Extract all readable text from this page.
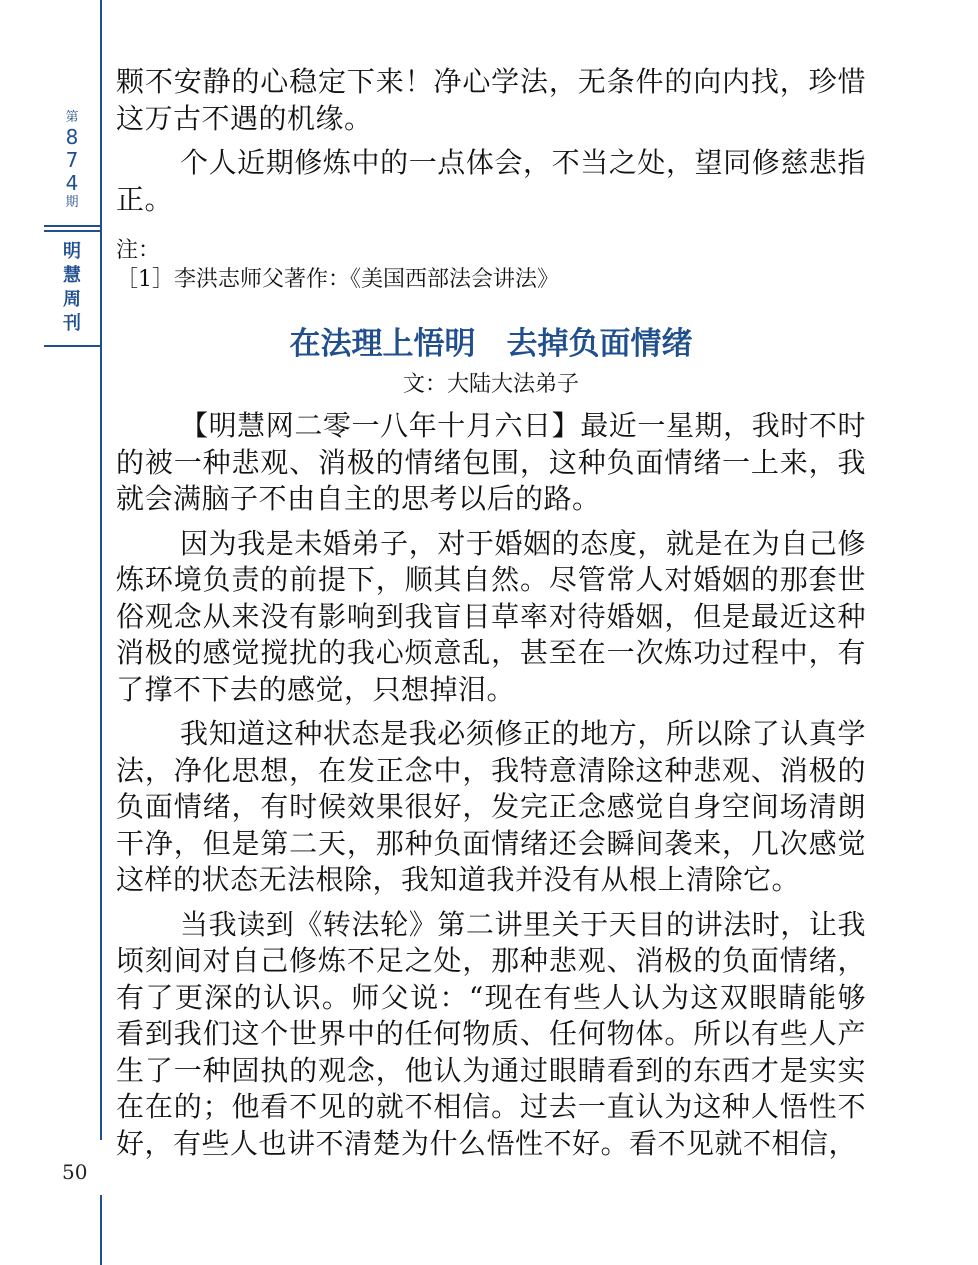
第
8
7
4
期
明
慧
周
刊
50

颗不安静的心稳定下来！净心学法，无条件的向内找，珍惜这万古不遇的机缘。

个人近期修炼中的一点体会，不当之处，望同修慈悲指正。

注：
［1］李洪志师父著作：《美国西部法会讲法》
在法理上悟明　去掉负面情绪
文：大陆大法弟子

【明慧网二零一八年十月六日】最近一星期，我时不时的被一种悲观、消极的情绪包围，这种负面情绪一上来，我就会满脑子不由自主的思考以后的路。

因为我是未婚弟子，对于婚姻的态度，就是在为自己修炼环境负责的前提下，顺其自然。尽管常人对婚姻的那套世俗观念从来没有影响到我盲目草率对待婚姻，但是最近这种消极的感觉搅扰的我心烦意乱，甚至在一次炼功过程中，有了撑不下去的感觉，只想掉泪。

我知道这种状态是我必须修正的地方，所以除了认真学法，净化思想，在发正念中，我特意清除这种悲观、消极的负面情绪，有时候效果很好，发完正念感觉自身空间场清朗干净，但是第二天，那种负面情绪还会瞬间袭来，几次感觉这样的状态无法根除，我知道我并没有从根上清除它。

当我读到《转法轮》第二讲里关于天目的讲法时，让我顷刻间对自己修炼不足之处，那种悲观、消极的负面情绪，有了更深的认识。师父说：“现在有些人认为这双眼睛能够看到我们这个世界中的任何物质、任何物体。所以有些人产生了一种固执的观念，他认为通过眼睛看到的东西才是实实在在的；他看不见的就不相信。过去一直认为这种人悟性不好，有些人也讲不清楚为什么悟性不好。看不见就不相信，
